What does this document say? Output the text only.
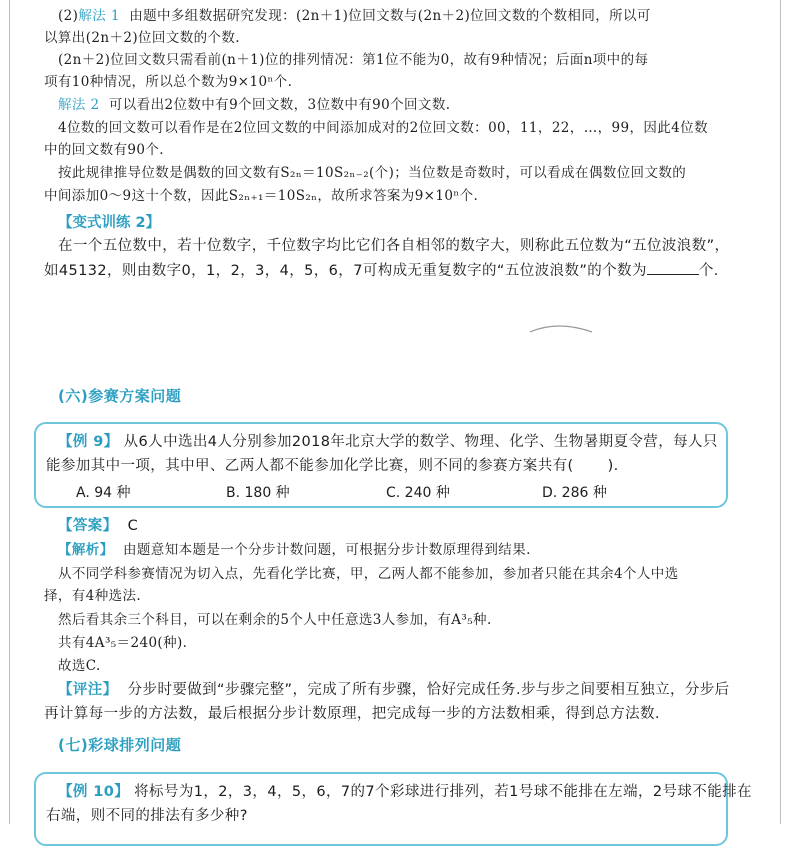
(2)解法 1 由题中多组数据研究发现：(2n＋1)位回文数与(2n＋2)位回文数的个数相同，所以可
以算出(2n＋2)位回文数的个数.
(2n＋2)位回文数只需看前(n＋1)位的排列情况：第1位不能为0，故有9种情况；后面n项中的每
项有10种情况，所以总个数为9×10ⁿ个.
解法 2 可以看出2位数中有9个回文数，3位数中有90个回文数.
4位数的回文数可以看作是在2位回文数的中间添加成对的2位回文数：00，11，22，…，99，因此4位数
中的回文数有90个.
按此规律推导位数是偶数的回文数有S₂ₙ＝10S₂ₙ₋₂(个)；当位数是奇数时，可以看成在偶数位回文数的
中间添加0～9这十个数，因此S₂ₙ₊₁＝10S₂ₙ，故所求答案为9×10ⁿ个.
【变式训练 2】
在一个五位数中，若十位数字，千位数字均比它们各自相邻的数字大，则称此五位数为“五位波浪数”，
如45132，则由数字0，1，2，3，4，5，6，7可构成无重复数字的“五位波浪数”的个数为	个.
(六)参赛方案问题
【例 9】 从6人中选出4人分别参加2018年北京大学的数学、物理、化学、生物暑期夏令营，每人只
能参加其中一项，其中甲、乙两人都不能参加化学比赛，则不同的参赛方案共有( ).
A. 94 种	B. 180 种	C. 240 种	D. 286 种
【答案】 C
【解析】 由题意知本题是一个分步计数问题，可根据分步计数原理得到结果.
从不同学科参赛情况为切入点，先看化学比赛，甲，乙两人都不能参加，参加者只能在其余4个人中选
择，有4种选法.
然后看其余三个科目，可以在剩余的5个人中任意选3人参加，有A³₅种.
共有4A³₅＝240(种).
故选C.
【评注】 分步时要做到“步骤完整”，完成了所有步骤，恰好完成任务.步与步之间要相互独立，分步后
再计算每一步的方法数，最后根据分步计数原理，把完成每一步的方法数相乘，得到总方法数.
(七)彩球排列问题
【例 10】 将标号为1，2，3，4，5，6，7的7个彩球进行排列，若1号球不能排在左端，2号球不能排在
右端，则不同的排法有多少种?
